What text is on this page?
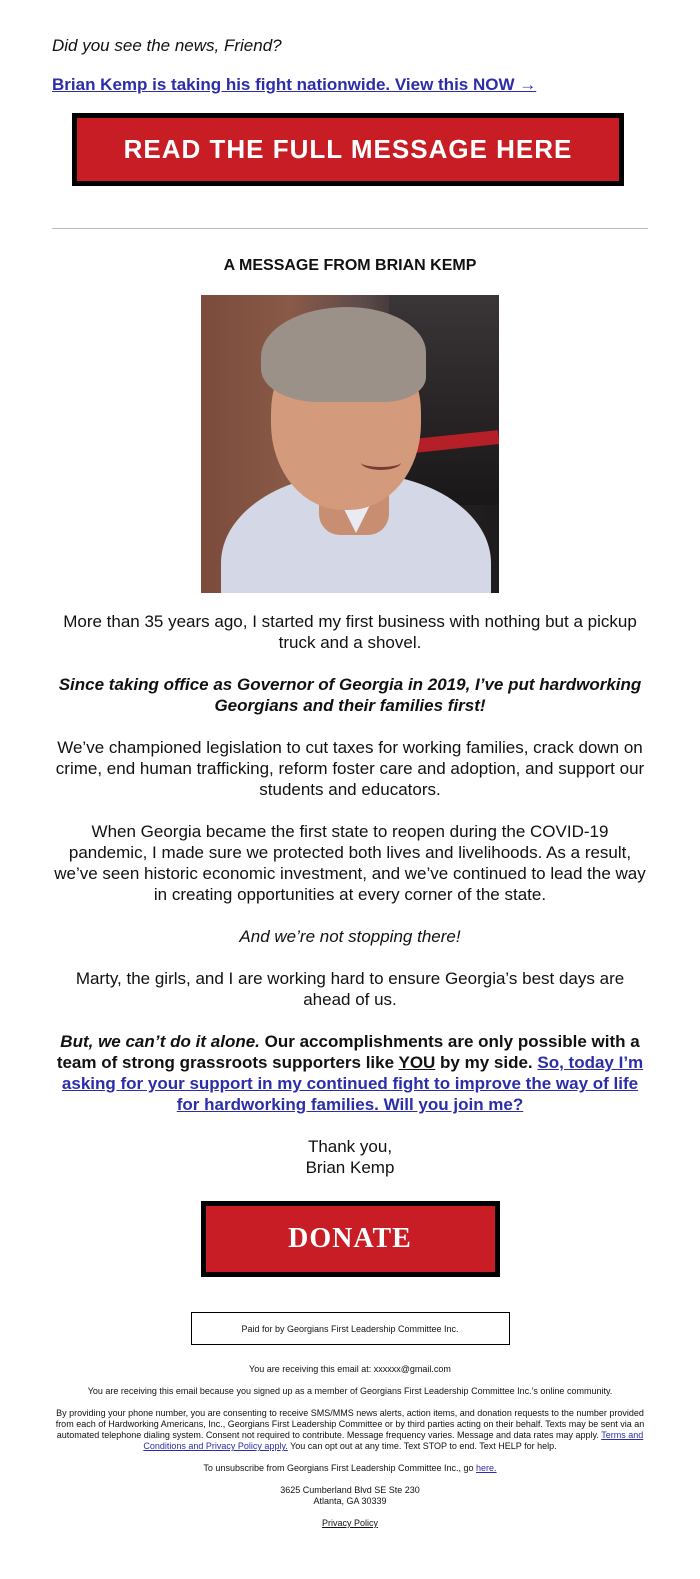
Did you see the news, Friend?

Brian Kemp is taking his fight nationwide. View this NOW →
READ THE FULL MESSAGE HERE
A MESSAGE FROM BRIAN KEMP

More than 35 years ago, I started my first business with nothing but a pickup truck and a shovel.

Since taking office as Governor of Georgia in 2019, I’ve put hardworking Georgians and their families first!

We’ve championed legislation to cut taxes for working families, crack down on crime, end human trafficking, reform foster care and adoption, and support our students and educators.

When Georgia became the first state to reopen during the COVID-19 pandemic, I made sure we protected both lives and livelihoods. As a result, we’ve seen historic economic investment, and we’ve continued to lead the way in creating opportunities at every corner of the state.

And we’re not stopping there!

Marty, the girls, and I are working hard to ensure Georgia’s best days are ahead of us.

But, we can’t do it alone. Our accomplishments are only possible with a team of strong grassroots supporters like YOU by my side. So, today I’m asking for your support in my continued fight to improve the way of life for hardworking families. Will you join me?

Thank you,
Brian Kemp

DONATE
Paid for by Georgians First Leadership Committee Inc.

You are receiving this email at: xxxxxx@gmail.com

You are receiving this email because you signed up as a member of Georgians First Leadership Committee Inc.’s online community.

By providing your phone number, you are consenting to receive SMS/MMS news alerts, action items, and donation requests to the number provided from each of Hardworking Americans, Inc., Georgians First Leadership Committee or by third parties acting on their behalf. Texts may be sent via an automated telephone dialing system. Consent not required to contribute. Message frequency varies. Message and data rates may apply. Terms and Conditions and Privacy Policy apply. You can opt out at any time. Text STOP to end. Text HELP for help.

To unsubscribe from Georgians First Leadership Committee Inc., go here.

3625 Cumberland Blvd SE Ste 230
Atlanta, GA 30339

Privacy Policy
